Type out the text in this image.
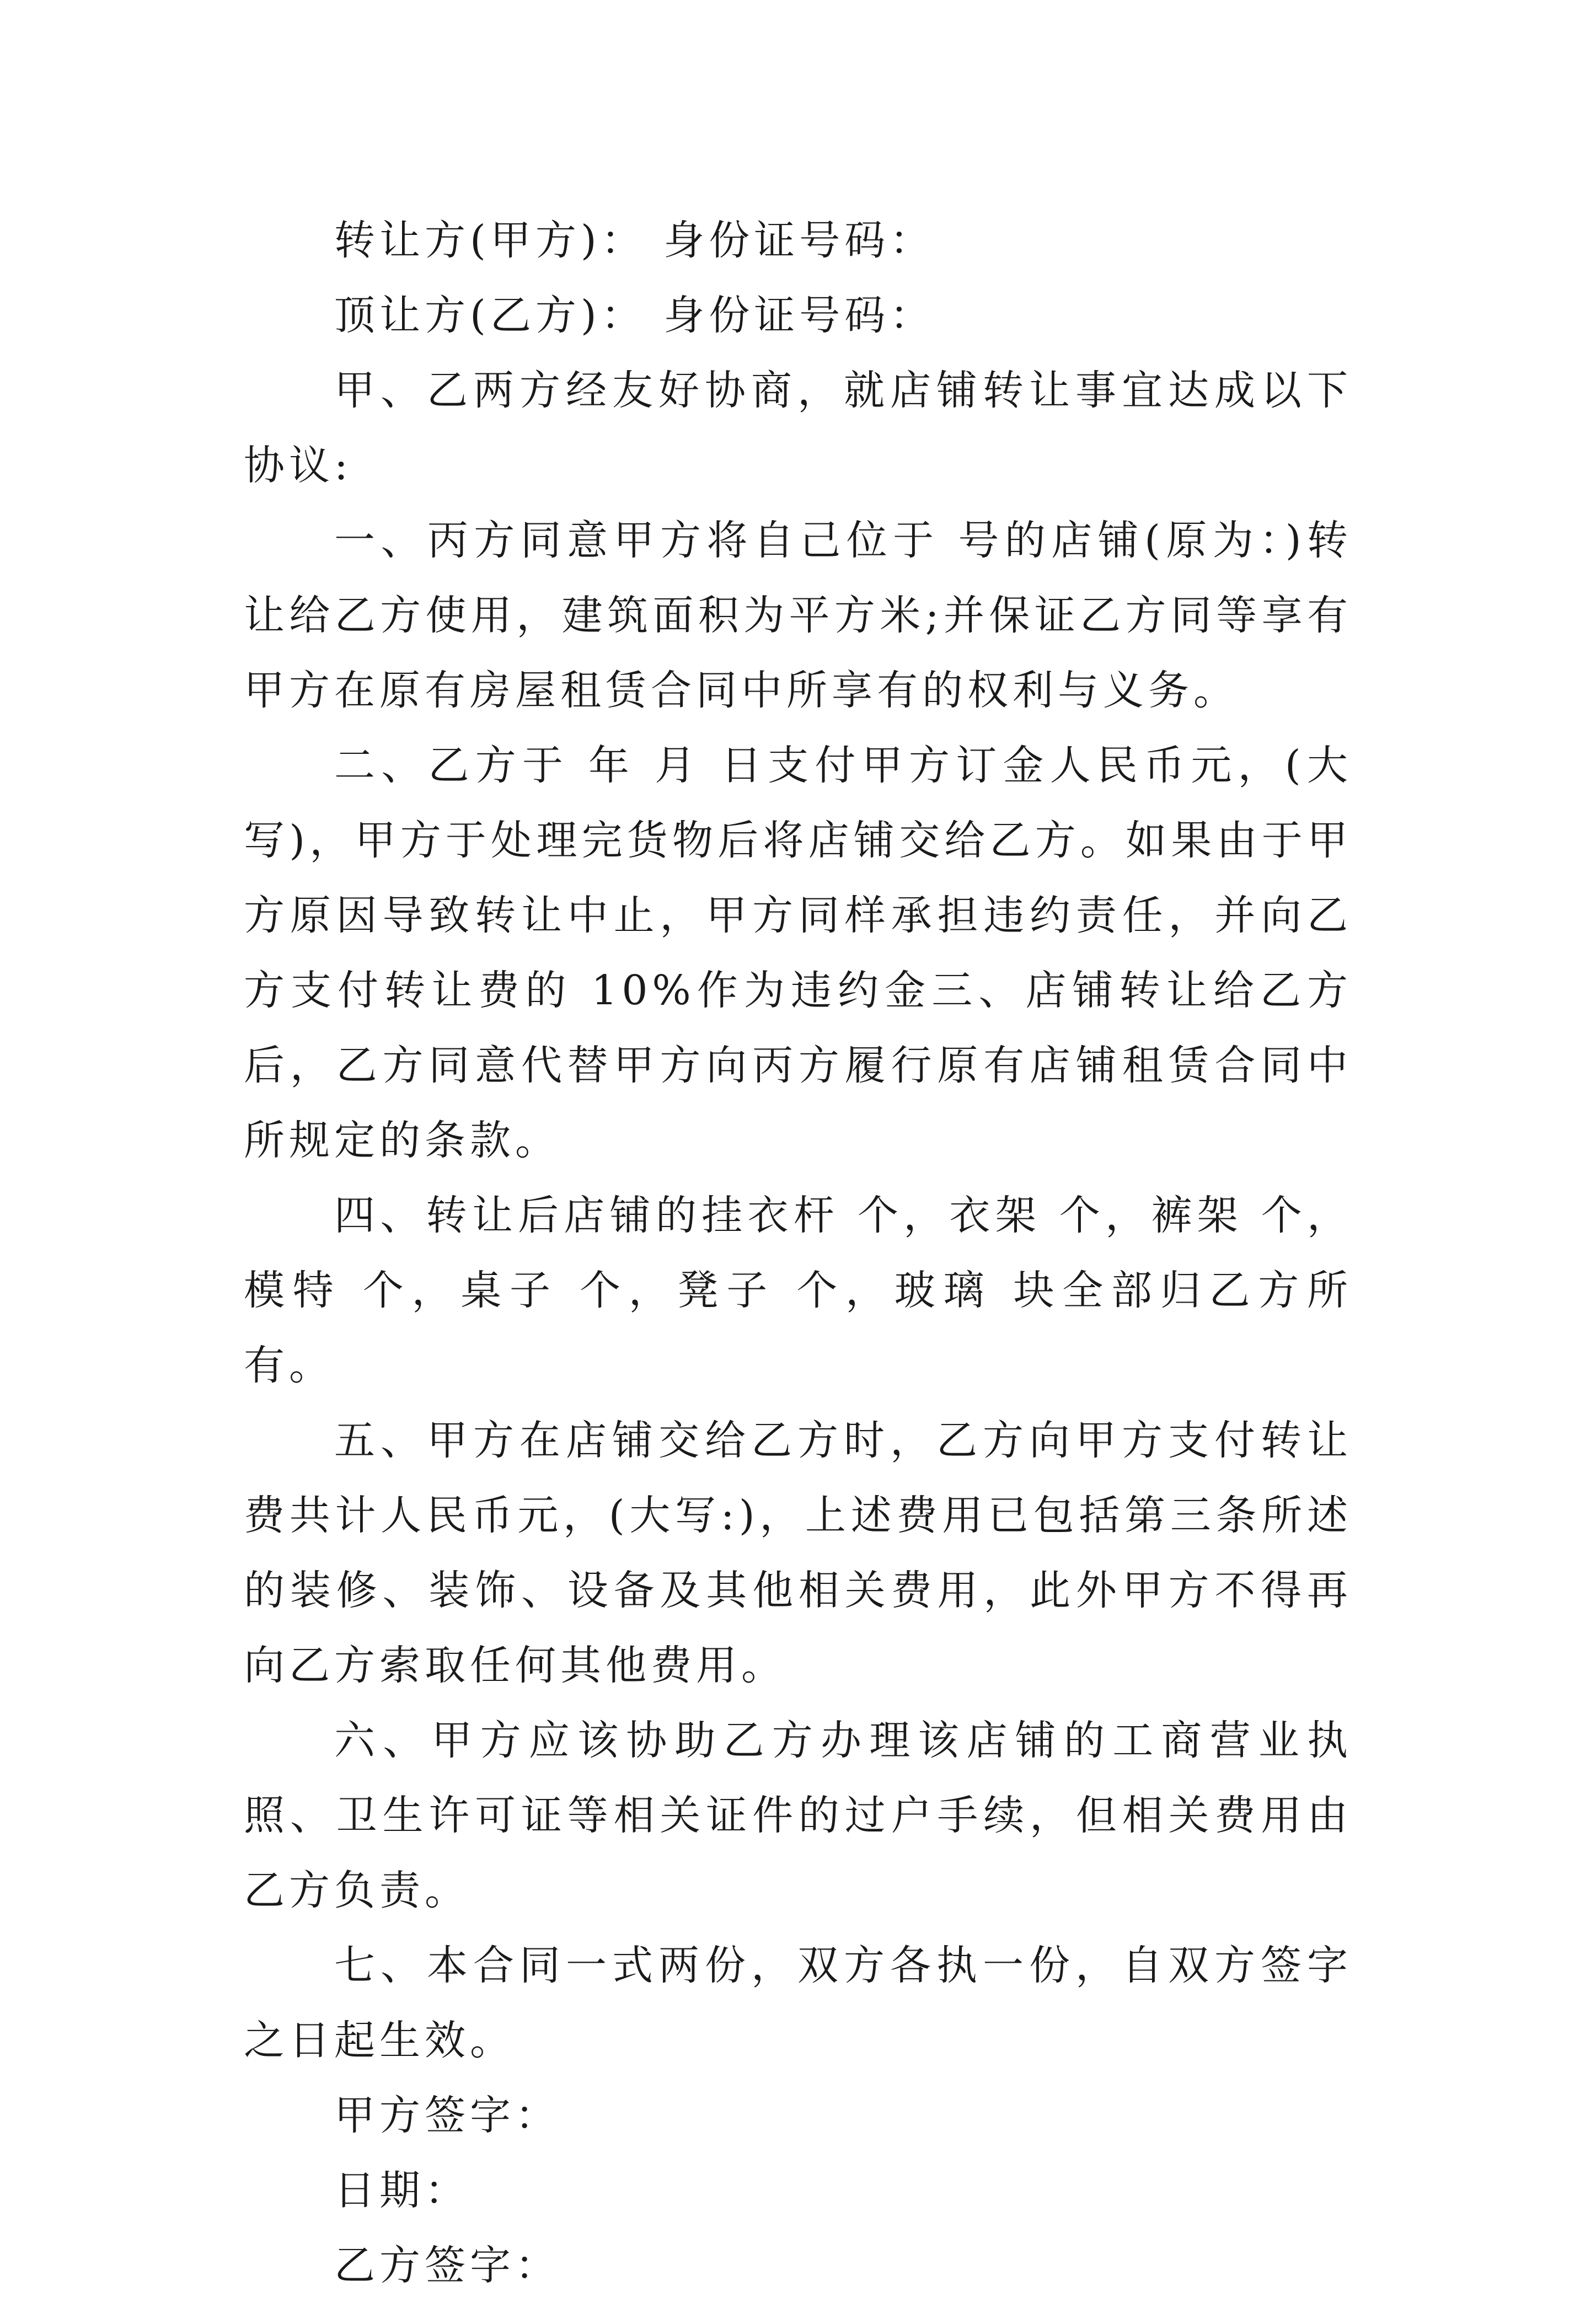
转让方(甲方)： 身份证号码：

顶让方(乙方)： 身份证号码：

甲、乙两方经友好协商，就店铺转让事宜达成以下协议:

一、丙方同意甲方将自己位于 号的店铺(原为：)转让给乙方使用，建筑面积为平方米;并保证乙方同等享有甲方在原有房屋租赁合同中所享有的权利与义务。

二、乙方于 年 月 日支付甲方订金人民币元，(大写)，甲方于处理完货物后将店铺交给乙方。如果由于甲方原因导致转让中止，甲方同样承担违约责任，并向乙方支付转让费的 10%作为违约金三、店铺转让给乙方后，乙方同意代替甲方向丙方履行原有店铺租赁合同中所规定的条款。

四、转让后店铺的挂衣杆 个，衣架 个，裤架 个，模特 个，桌子 个，凳子 个，玻璃 块全部归乙方所有。

五、甲方在店铺交给乙方时，乙方向甲方支付转让费共计人民币元，(大写:)，上述费用已包括第三条所述的装修、装饰、设备及其他相关费用，此外甲方不得再向乙方索取任何其他费用。

六、甲方应该协助乙方办理该店铺的工商营业执照、卫生许可证等相关证件的过户手续，但相关费用由乙方负责。

七、本合同一式两份，双方各执一份，自双方签字之日起生效。

甲方签字：

日期：

乙方签字：
